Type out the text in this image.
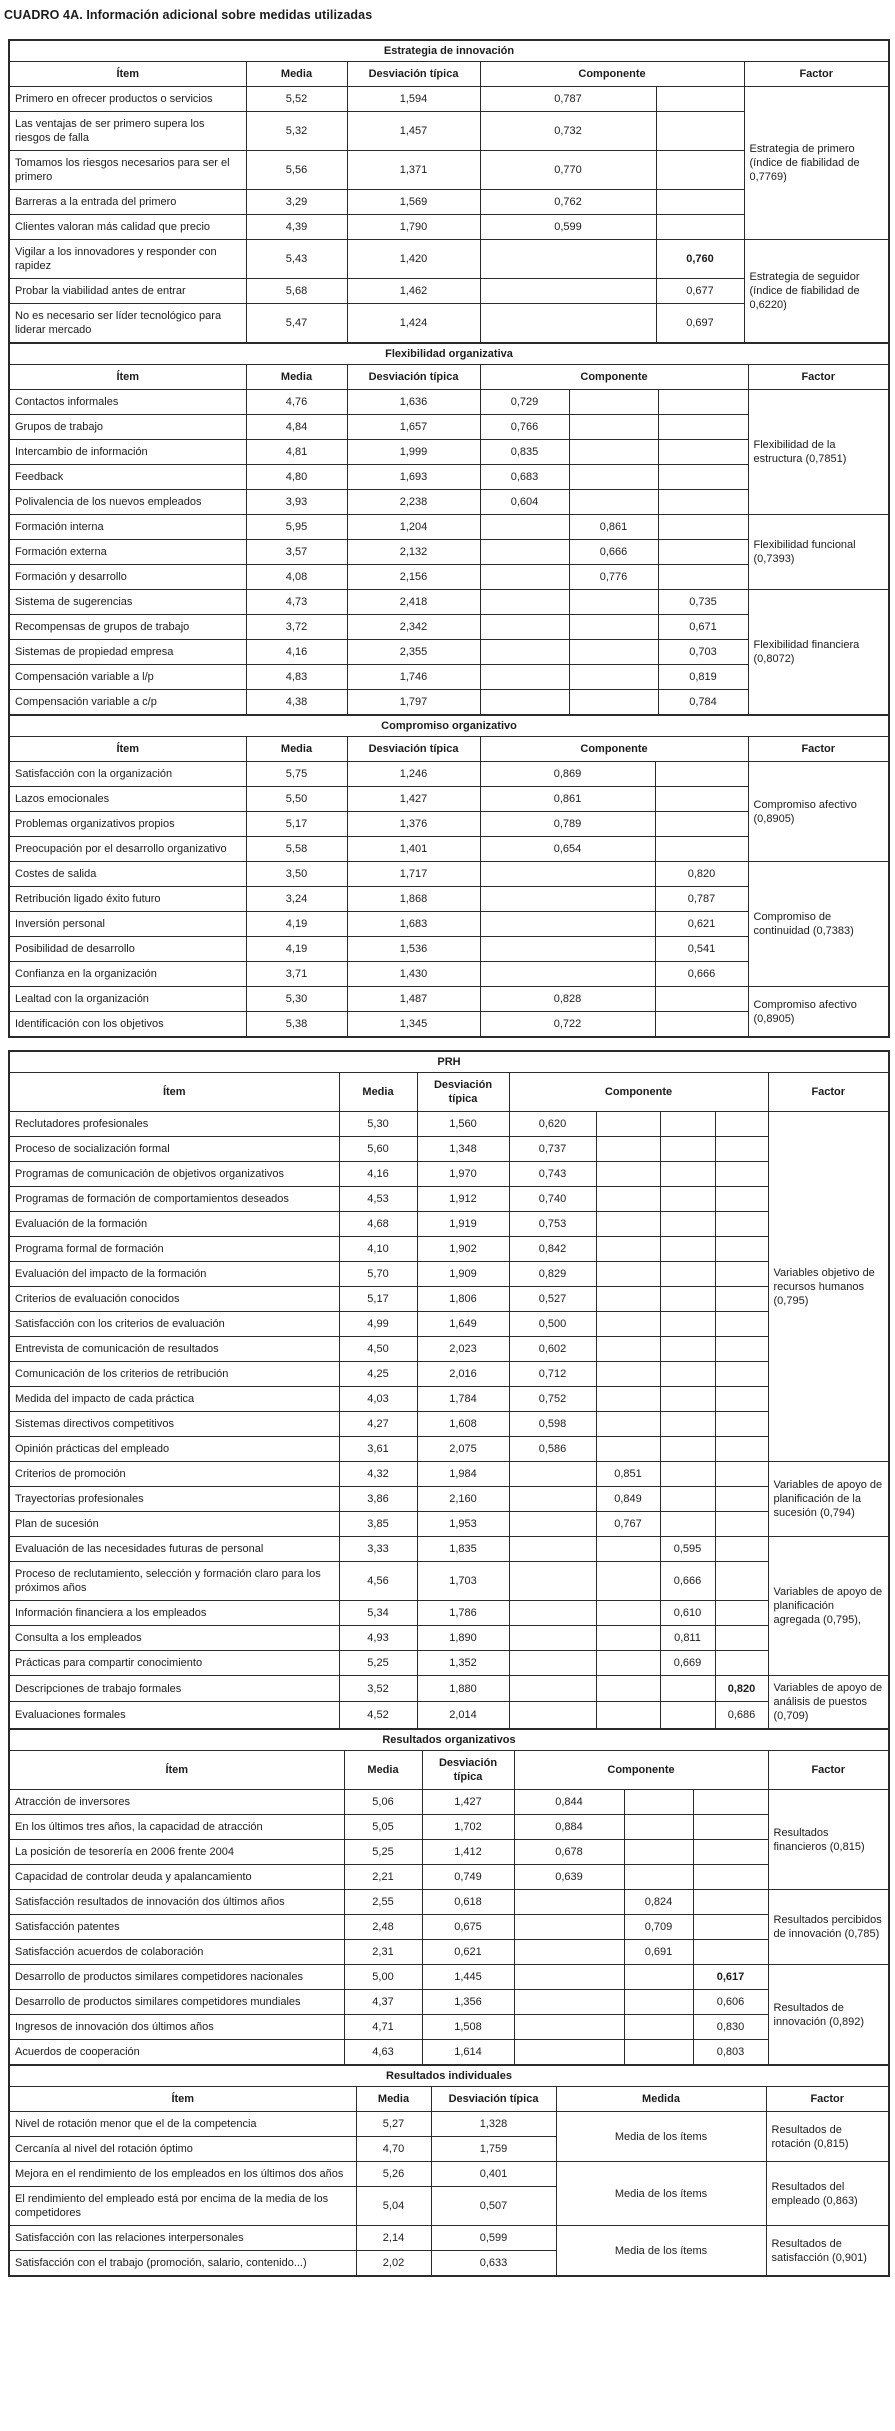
CUADRO 4A. Información adicional sobre medidas utilizadas
Estrategia de innovación					
Ítem	Media	Desviación típica	Componente		Factor
Primero en ofrecer productos o servicios	5,52	1,594	0,787		Estrategia de primero (índice de fiabilidad de 0,7769)
Las ventajas de ser primero supera los riesgos de falla	5,32	1,457	0,732		
Tomamos los riesgos necesarios para ser el primero	5,56	1,371	0,770		
Barreras a la entrada del primero	3,29	1,569	0,762		
Clientes valoran más calidad que precio	4,39	1,790	0,599		
Vigilar a los innovadores y responder con rapidez	5,43	1,420		0,760	Estrategia de seguidor (índice de fiabilidad de 0,6220)
Probar la viabilidad antes de entrar	5,68	1,462		0,677	
No es necesario ser líder tecnológico para liderar mercado	5,47	1,424		0,697	
Flexibilidad organizativa						
Ítem	Media	Desviación típica	Componente			Factor
Contactos informales	4,76	1,636	0,729			Flexibilidad de la estructura (0,7851)
Grupos de trabajo	4,84	1,657	0,766			
Intercambio de información	4,81	1,999	0,835			
Feedback	4,80	1,693	0,683			
Polivalencia de los nuevos empleados	3,93	2,238	0,604			
Formación interna	5,95	1,204		0,861		Flexibilidad funcional (0,7393)
Formación externa	3,57	2,132		0,666		
Formación y desarrollo	4,08	2,156		0,776		
Sistema de sugerencias	4,73	2,418			0,735	Flexibilidad financiera (0,8072)
Recompensas de grupos de trabajo	3,72	2,342			0,671	
Sistemas de propiedad empresa	4,16	2,355			0,703	
Compensación variable a l/p	4,83	1,746			0,819	
Compensación variable a c/p	4,38	1,797			0,784	
Compromiso organizativo					
Ítem	Media	Desviación típica	Componente		Factor
Satisfacción con la organización	5,75	1,246	0,869		Compromiso afectivo (0,8905)
Lazos emocionales	5,50	1,427	0,861		
Problemas organizativos propios	5,17	1,376	0,789		
Preocupación por el desarrollo organizativo	5,58	1,401	0,654		
Costes de salida	3,50	1,717		0,820	Compromiso de continuidad (0,7383)
Retribución ligado éxito futuro	3,24	1,868		0,787	
Inversión personal	4,19	1,683		0,621	
Posibilidad de desarrollo	4,19	1,536		0,541	
Confianza en la organización	3,71	1,430		0,666	
Lealtad con la organización	5,30	1,487	0,828		Compromiso afectivo (0,8905)
Identificación con los objetivos	5,38	1,345	0,722		
PRH							
Ítem	Media	Desviación típica	Componente				Factor
Reclutadores profesionales	5,30	1,560	0,620				Variables objetivo de recursos humanos (0,795)
Proceso de socialización formal	5,60	1,348	0,737				
Programas de comunicación de objetivos organizativos	4,16	1,970	0,743				
Programas de formación de comportamientos deseados	4,53	1,912	0,740				
Evaluación de la formación	4,68	1,919	0,753				
Programa formal de formación	4,10	1,902	0,842				
Evaluación del impacto de la formación	5,70	1,909	0,829				
Criterios de evaluación conocidos	5,17	1,806	0,527				
Satisfacción con los criterios de evaluación	4,99	1,649	0,500				
Entrevista de comunicación de resultados	4,50	2,023	0,602				
Comunicación de los criterios de retribución	4,25	2,016	0,712				
Medida del impacto de cada práctica	4,03	1,784	0,752				
Sistemas directivos competitivos	4,27	1,608	0,598				
Opinión prácticas del empleado	3,61	2,075	0,586				
Criterios de promoción	4,32	1,984		0,851			Variables de apoyo de planificación de la sucesión (0,794)
Trayectorias profesionales	3,86	2,160		0,849			
Plan de sucesión	3,85	1,953		0,767			
Evaluación de las necesidades futuras de personal	3,33	1,835			0,595		Variables de apoyo de planificación agregada (0,795),
Proceso de reclutamiento, selección y formación claro para los próximos años	4,56	1,703			0,666		
Información financiera a los empleados	5,34	1,786			0,610		
Consulta a los empleados	4,93	1,890			0,811		
Prácticas para compartir conocimiento	5,25	1,352			0,669		
Descripciones de trabajo formales	3,52	1,880				0,820	Variables de apoyo de análisis de puestos (0,709)
Evaluaciones formales	4,52	2,014				0,686	
Resultados organizativos						
Ítem	Media	Desviación típica	Componente			Factor
Atracción de inversores	5,06	1,427	0,844			Resultados financieros (0,815)
En los últimos tres años, la capacidad de atracción	5,05	1,702	0,884			
La posición de tesorería en 2006 frente 2004	5,25	1,412	0,678			
Capacidad de controlar deuda y apalancamiento	2,21	0,749	0,639			
Satisfacción resultados de innovación dos últimos años	2,55	0,618		0,824		Resultados percibidos de innovación (0,785)
Satisfacción patentes	2,48	0,675		0,709		
Satisfacción acuerdos de colaboración	2,31	0,621		0,691		
Desarrollo de productos similares competidores nacionales	5,00	1,445			0,617	Resultados de innovación (0,892)
Desarrollo de productos similares competidores mundiales	4,37	1,356			0,606	
Ingresos de innovación dos últimos años	4,71	1,508			0,830	
Acuerdos de cooperación	4,63	1,614			0,803	
Resultados individuales				
Ítem	Media	Desviación típica	Medida	Factor
Nivel de rotación menor que el de la competencia	5,27	1,328	Media de los ítems	Resultados de rotación (0,815)
Cercanía al nivel del rotación óptimo	4,70	1,759		
Mejora en el rendimiento de los empleados en los últimos dos años	5,26	0,401	Media de los ítems	Resultados del empleado (0,863)
El rendimiento del empleado está por encima de la media de los competidores	5,04	0,507		
Satisfacción con las relaciones interpersonales	2,14	0,599	Media de los ítems	Resultados de satisfacción (0,901)
Satisfacción con el trabajo (promoción, salario, contenido...)	2,02	0,633		
